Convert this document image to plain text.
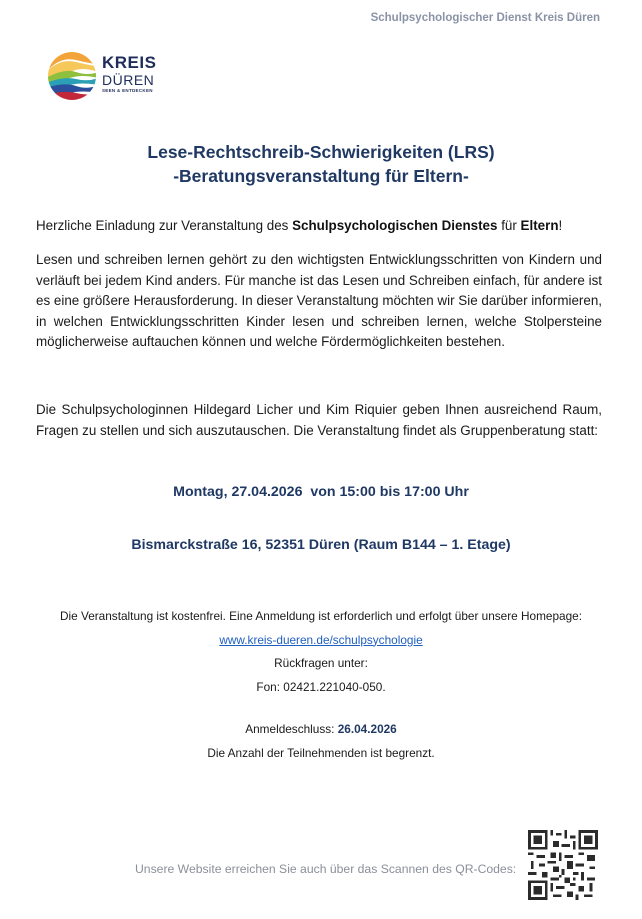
Schulpsychologischer Dienst Kreis Düren
KREIS
DÜREN
SEEN & ENTDECKEN
Lese-Rechtschreib-Schwierigkeiten (LRS)
-Beratungsveranstaltung für Eltern-
Herzliche Einladung zur Veranstaltung des Schulpsychologischen Dienstes für Eltern!
Lesen und schreiben lernen gehört zu den wichtigsten Entwicklungsschritten von Kindern und verläuft bei jedem Kind anders. Für manche ist das Lesen und Schreiben einfach, für andere ist es eine größere Herausforderung. In dieser Veranstaltung möchten wir Sie darüber informieren, in welchen Entwicklungsschritten Kinder lesen und schreiben lernen, welche Stolpersteine möglicherweise auftauchen können und welche Fördermöglichkeiten bestehen.
Die Schulpsychologinnen Hildegard Licher und Kim Riquier geben Ihnen ausreichend Raum, Fragen zu stellen und sich auszutauschen. Die Veranstaltung findet als Gruppenberatung statt:
Montag, 27.04.2026  von 15:00 bis 17:00 Uhr
Bismarckstraße 16, 52351 Düren (Raum B144 – 1. Etage)
Die Veranstaltung ist kostenfrei. Eine Anmeldung ist erforderlich und erfolgt über unsere Homepage:
www.kreis-dueren.de/schulpsychologie
Rückfragen unter:
Fon: 02421.221040-050.
Anmeldeschluss: 26.04.2026
Die Anzahl der Teilnehmenden ist begrenzt.
Unsere Website erreichen Sie auch über das Scannen des QR-Codes:
